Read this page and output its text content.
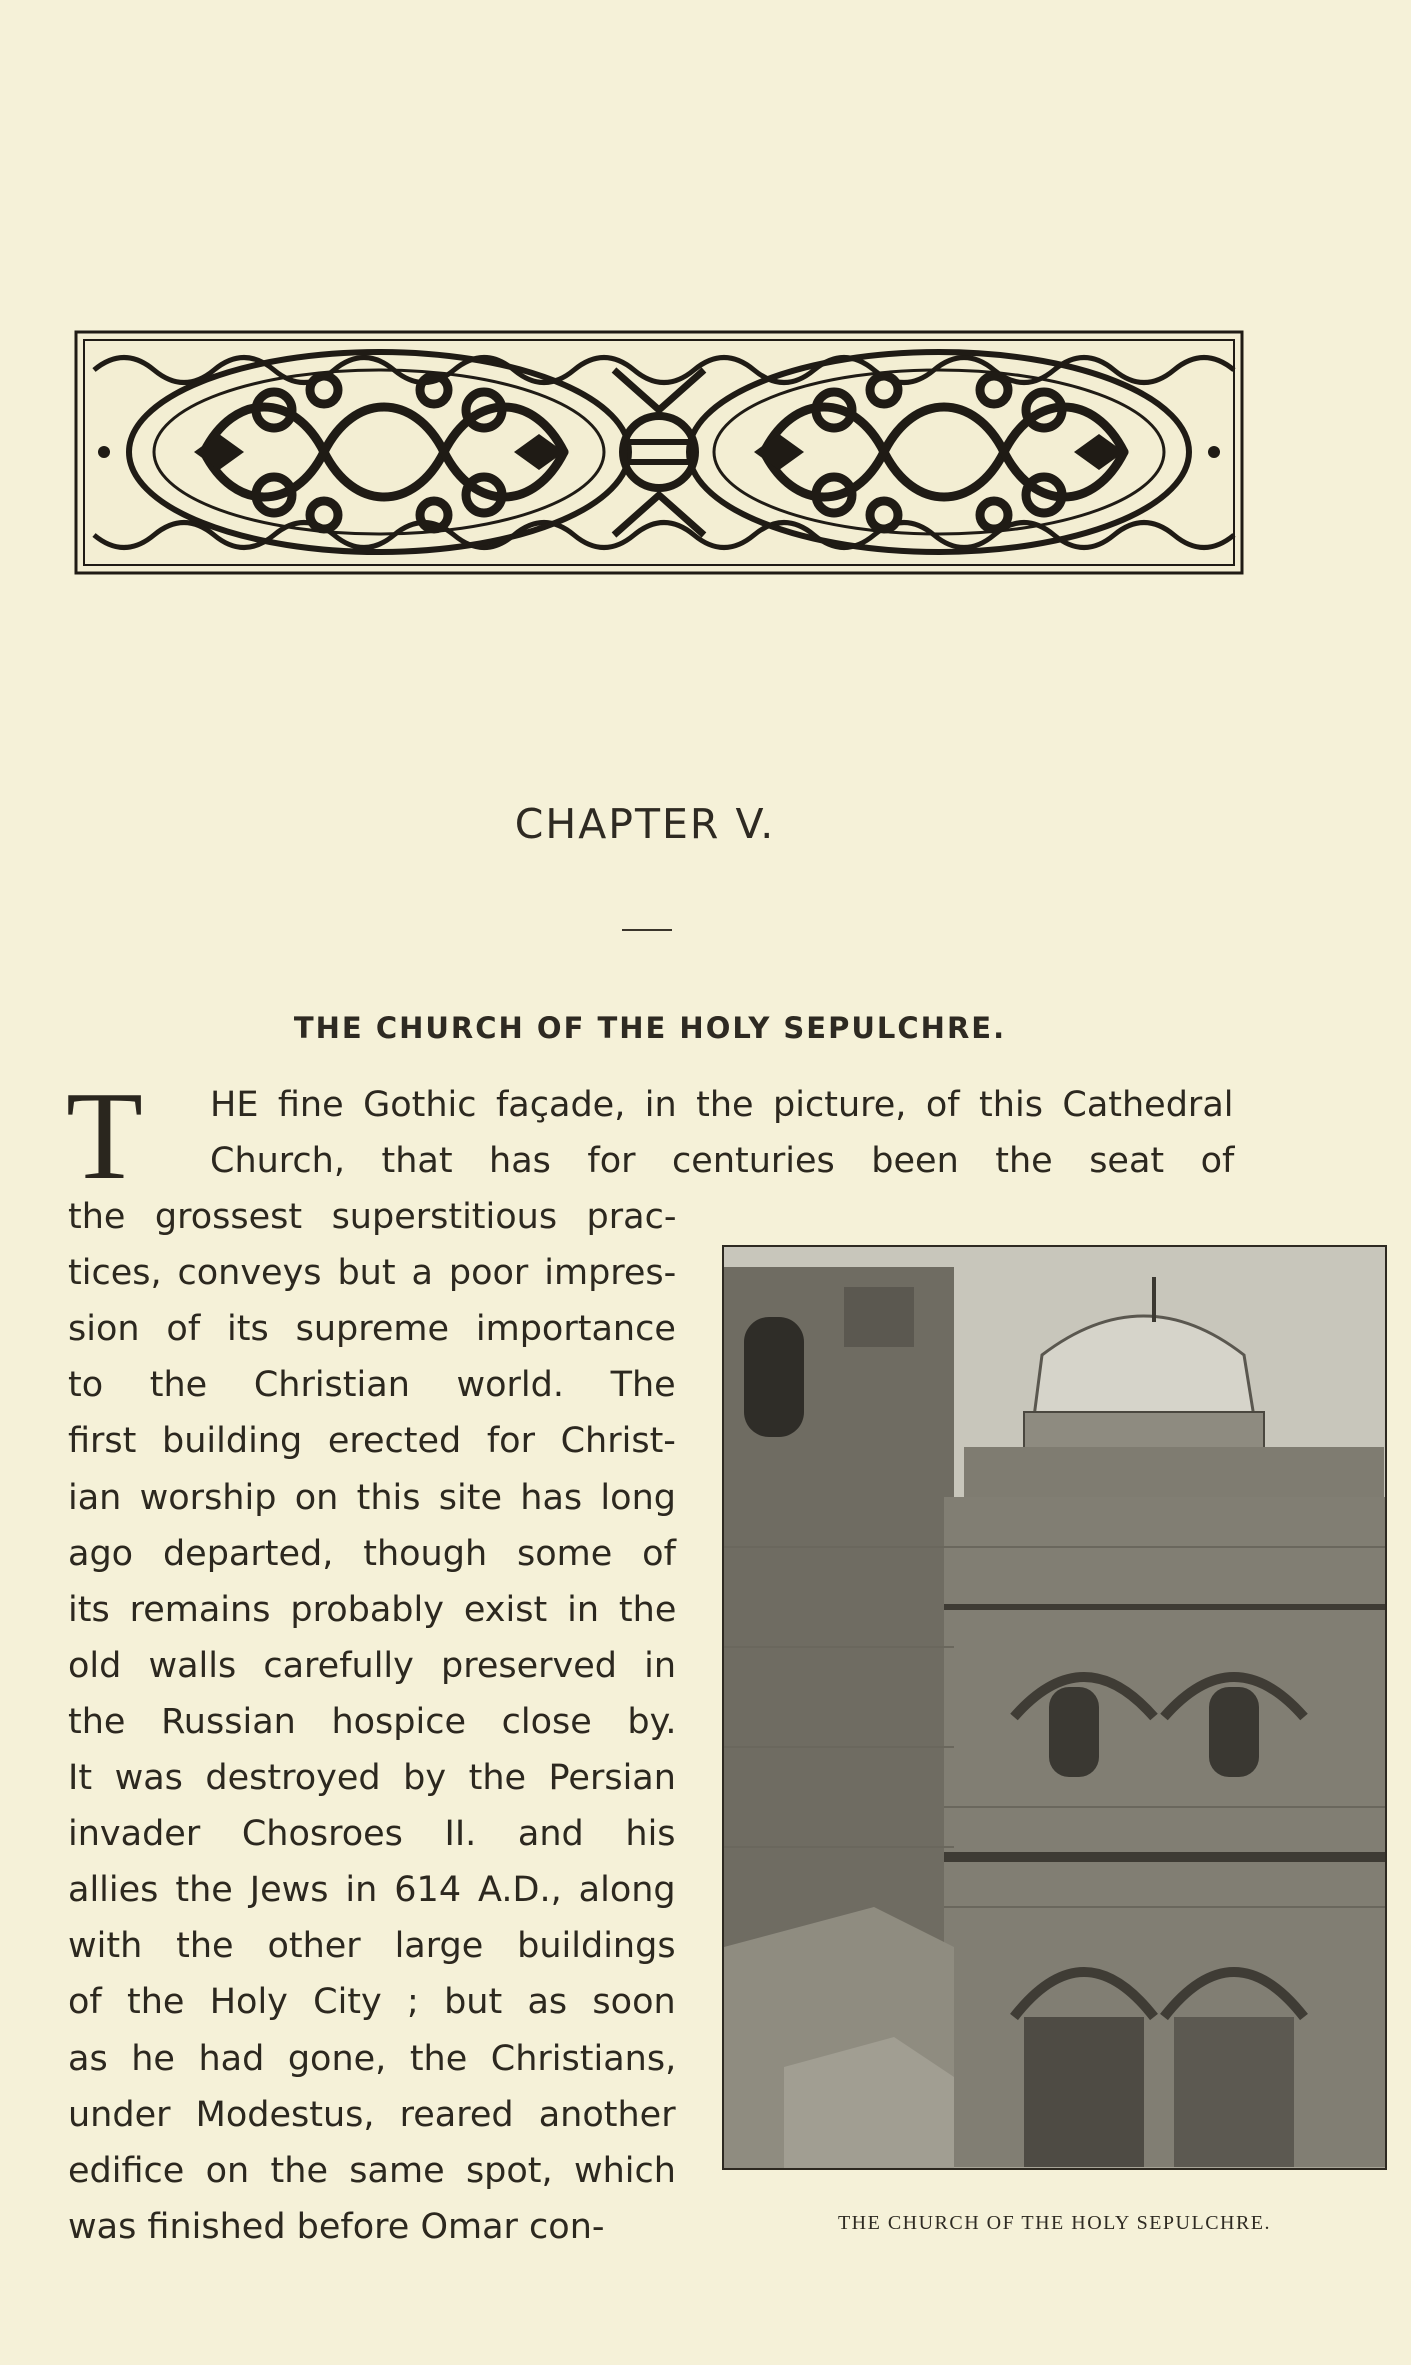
CHAPTER V.
THE CHURCH OF THE HOLY SEPULCHRE.
T HE fine Gothic façade, in the picture, of this Cathedral
Church, that has for centuries been the seat of
the grossest superstitious prac-
tices, conveys but a poor impres-
sion of its supreme importance
to the Christian world. The
first building erected for Christ-
ian worship on this site has long
ago departed, though some of
its remains probably exist in the
old walls carefully preserved in
the Russian hospice close by.
It was destroyed by the Persian
invader Chosroes II. and his
allies the Jews in 614 A.D., along
with the other large buildings
of the Holy City ; but as soon
as he had gone, the Christians,
under Modestus, reared another
edifice on the same spot, which
was finished before Omar con-	THE CHURCH OF THE HOLY SEPULCHRE.
